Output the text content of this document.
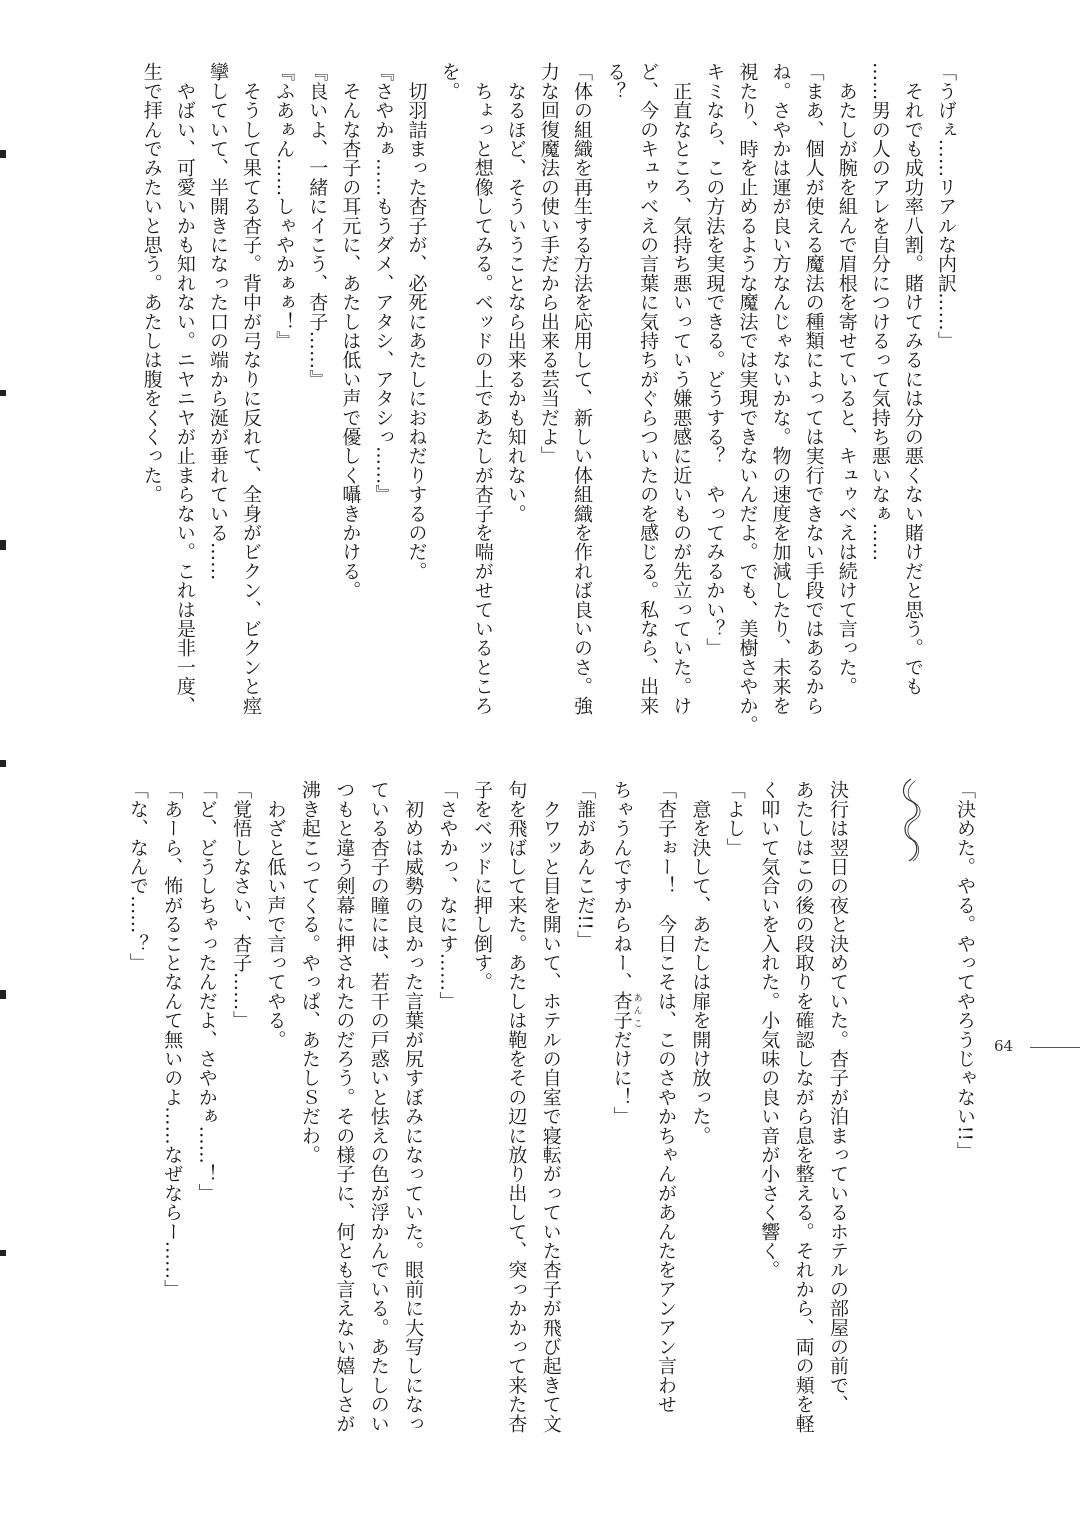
「うげぇ……リアルな内訳……」
　それでも成功率八割。賭けてみるには分の悪くない賭けだと思う。でも
……男の人のアレを自分につけるって気持ち悪いなぁ……
　あたしが腕を組んで眉根を寄せていると、キュゥべえは続けて言った。
「まあ、個人が使える魔法の種類によっては実行できない手段ではあるから
ね。さやかは運が良い方なんじゃないかな。物の速度を加減したり、未来を
視たり、時を止めるような魔法では実現できないんだよ。でも、美樹さやか。
キミなら、この方法を実現できる。どうする？　やってみるかい？」
　正直なところ、気持ち悪いっていう嫌悪感に近いものが先立っていた。け
ど、今のキュゥべえの言葉に気持ちがぐらついたのを感じる。私なら、出来
る？
「体の組織を再生する方法を応用して、新しい体組織を作れば良いのさ。強
力な回復魔法の使い手だから出来る芸当だよ」
　なるほど、そういうことなら出来るかも知れない。
　ちょっと想像してみる。ベッドの上であたしが杏子を喘がせているところ
を。
　切羽詰まった杏子が、必死にあたしにおねだりするのだ。
『さやかぁ……もうダメ、アタシ、アタシっ……』
　そんな杏子の耳元に、あたしは低い声で優しく囁きかける。
『良いよ、一緒にイこう、杏子……』
『ふあぁん……しゃやかぁぁ！』
　そうして果てる杏子。背中が弓なりに反れて、全身がビクン、ビクンと痙
攣していて、半開きになった口の端から涎が垂れている……
　やばい、可愛いかも知れない。ニヤニヤが止まらない。これは是非一度、
生で拝んでみたいと思う。あたしは腹をくくった。
「決めた。やる。やってやろうじゃない!!」
決行は翌日の夜と決めていた。杏子が泊まっているホテルの部屋の前で、
あたしはこの後の段取りを確認しながら息を整える。それから、両の頬を軽
く叩いて気合いを入れた。小気味の良い音が小さく響く。
「よし」
　意を決して、あたしは扉を開け放った。
「杏子ぉー！　今日こそは、このさやかちゃんがあんたをアンアン言わせ
ちゃうんですからねー、杏子 あんこだけに！」
「誰があんこだ!!」
　クワッと目を開いて、ホテルの自室で寝転がっていた杏子が飛び起きて文
句を飛ばして来た。あたしは鞄をその辺に放り出して、突っかかって来た杏
子をベッドに押し倒す。
「さやかっ、なにす……」
　初めは威勢の良かった言葉が尻すぼみになっていた。眼前に大写しになっ
ている杏子の瞳には、若干の戸惑いと怯えの色が浮かんでいる。あたしのい
つもと違う剣幕に押されたのだろう。その様子に、何とも言えない嬉しさが
沸き起こってくる。やっぱ、あたしＳだわ。
　わざと低い声で言ってやる。
「覚悟しなさい、杏子……」
「ど、どうしちゃったんだよ、さやかぁ……！」
「あーら、怖がることなんて無いのよ……なぜならー……」
「な、なんで……？」
64
